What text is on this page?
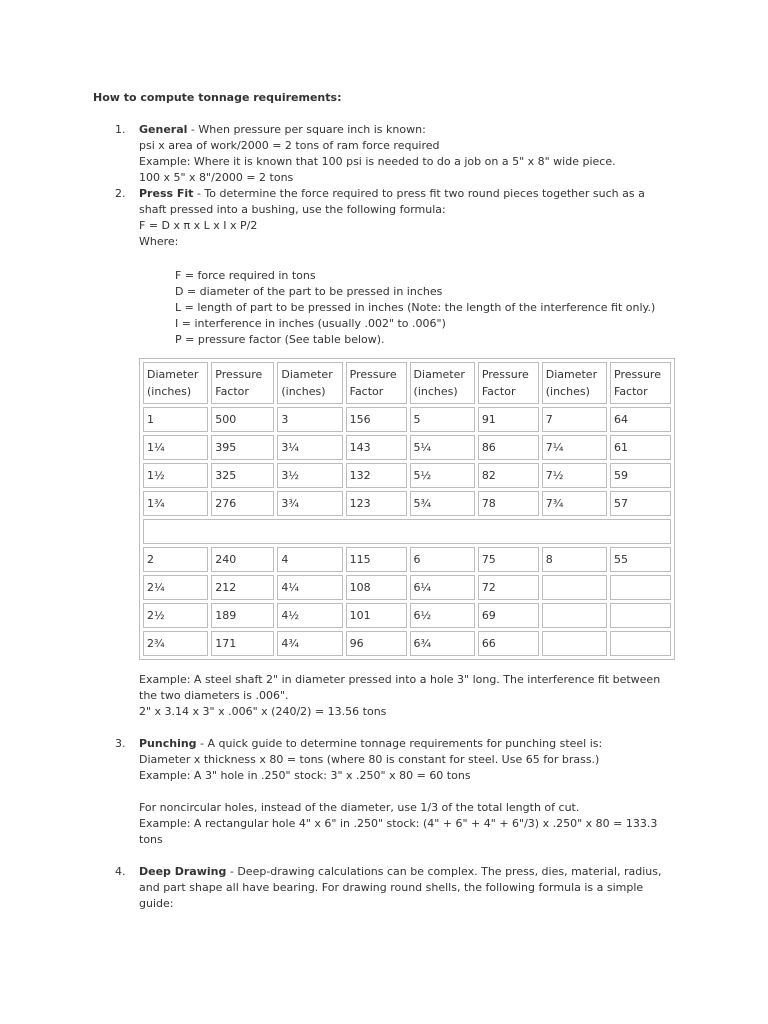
How to compute tonnage requirements:
1. General - When pressure per square inch is known:
psi x area of work/2000 = 2 tons of ram force required
Example: Where it is known that 100 psi is needed to do a job on a 5" x 8" wide piece.
100 x 5" x 8"/2000 = 2 tons
2. Press Fit - To determine the force required to press fit two round pieces together such as a
shaft pressed into a bushing, use the following formula:
F = D x π x L x I x P/2
Where:
F = force required in tons
D = diameter of the part to be pressed in inches
L = length of part to be pressed in inches (Note: the length of the interference fit only.)
I = interference in inches (usually .002" to .006")
P = pressure factor (See table below).
Diameter (inches)	Pressure Factor	Diameter (inches)	Pressure Factor	Diameter (inches)	Pressure Factor	Diameter (inches)	Pressure Factor
1	500	3	156	5	91	7	64
1¼	395	3¼	143	5¼	86	7¼	61
1½	325	3½	132	5½	82	7½	59
1¾	276	3¾	123	5¾	78	7¾	57

2	240	4	115	6	75	8	55
2¼	212	4¼	108	6¼	72		
2½	189	4½	101	6½	69		
2¾	171	4¾	96	6¾	66		
Example: A steel shaft 2" in diameter pressed into a hole 3" long. The interference fit between
the two diameters is .006".
2" x 3.14 x 3" x .006" x (240/2) = 13.56 tons
3. Punching - A quick guide to determine tonnage requirements for punching steel is:
Diameter x thickness x 80 = tons (where 80 is constant for steel. Use 65 for brass.)
Example: A 3" hole in .250" stock: 3" x .250" x 80 = 60 tons
For noncircular holes, instead of the diameter, use 1/3 of the total length of cut.
Example: A rectangular hole 4" x 6" in .250" stock: (4" + 6" + 4" + 6"/3) x .250" x 80 = 133.3
tons
4. Deep Drawing - Deep-drawing calculations can be complex. The press, dies, material, radius,
and part shape all have bearing. For drawing round shells, the following formula is a simple
guide:
